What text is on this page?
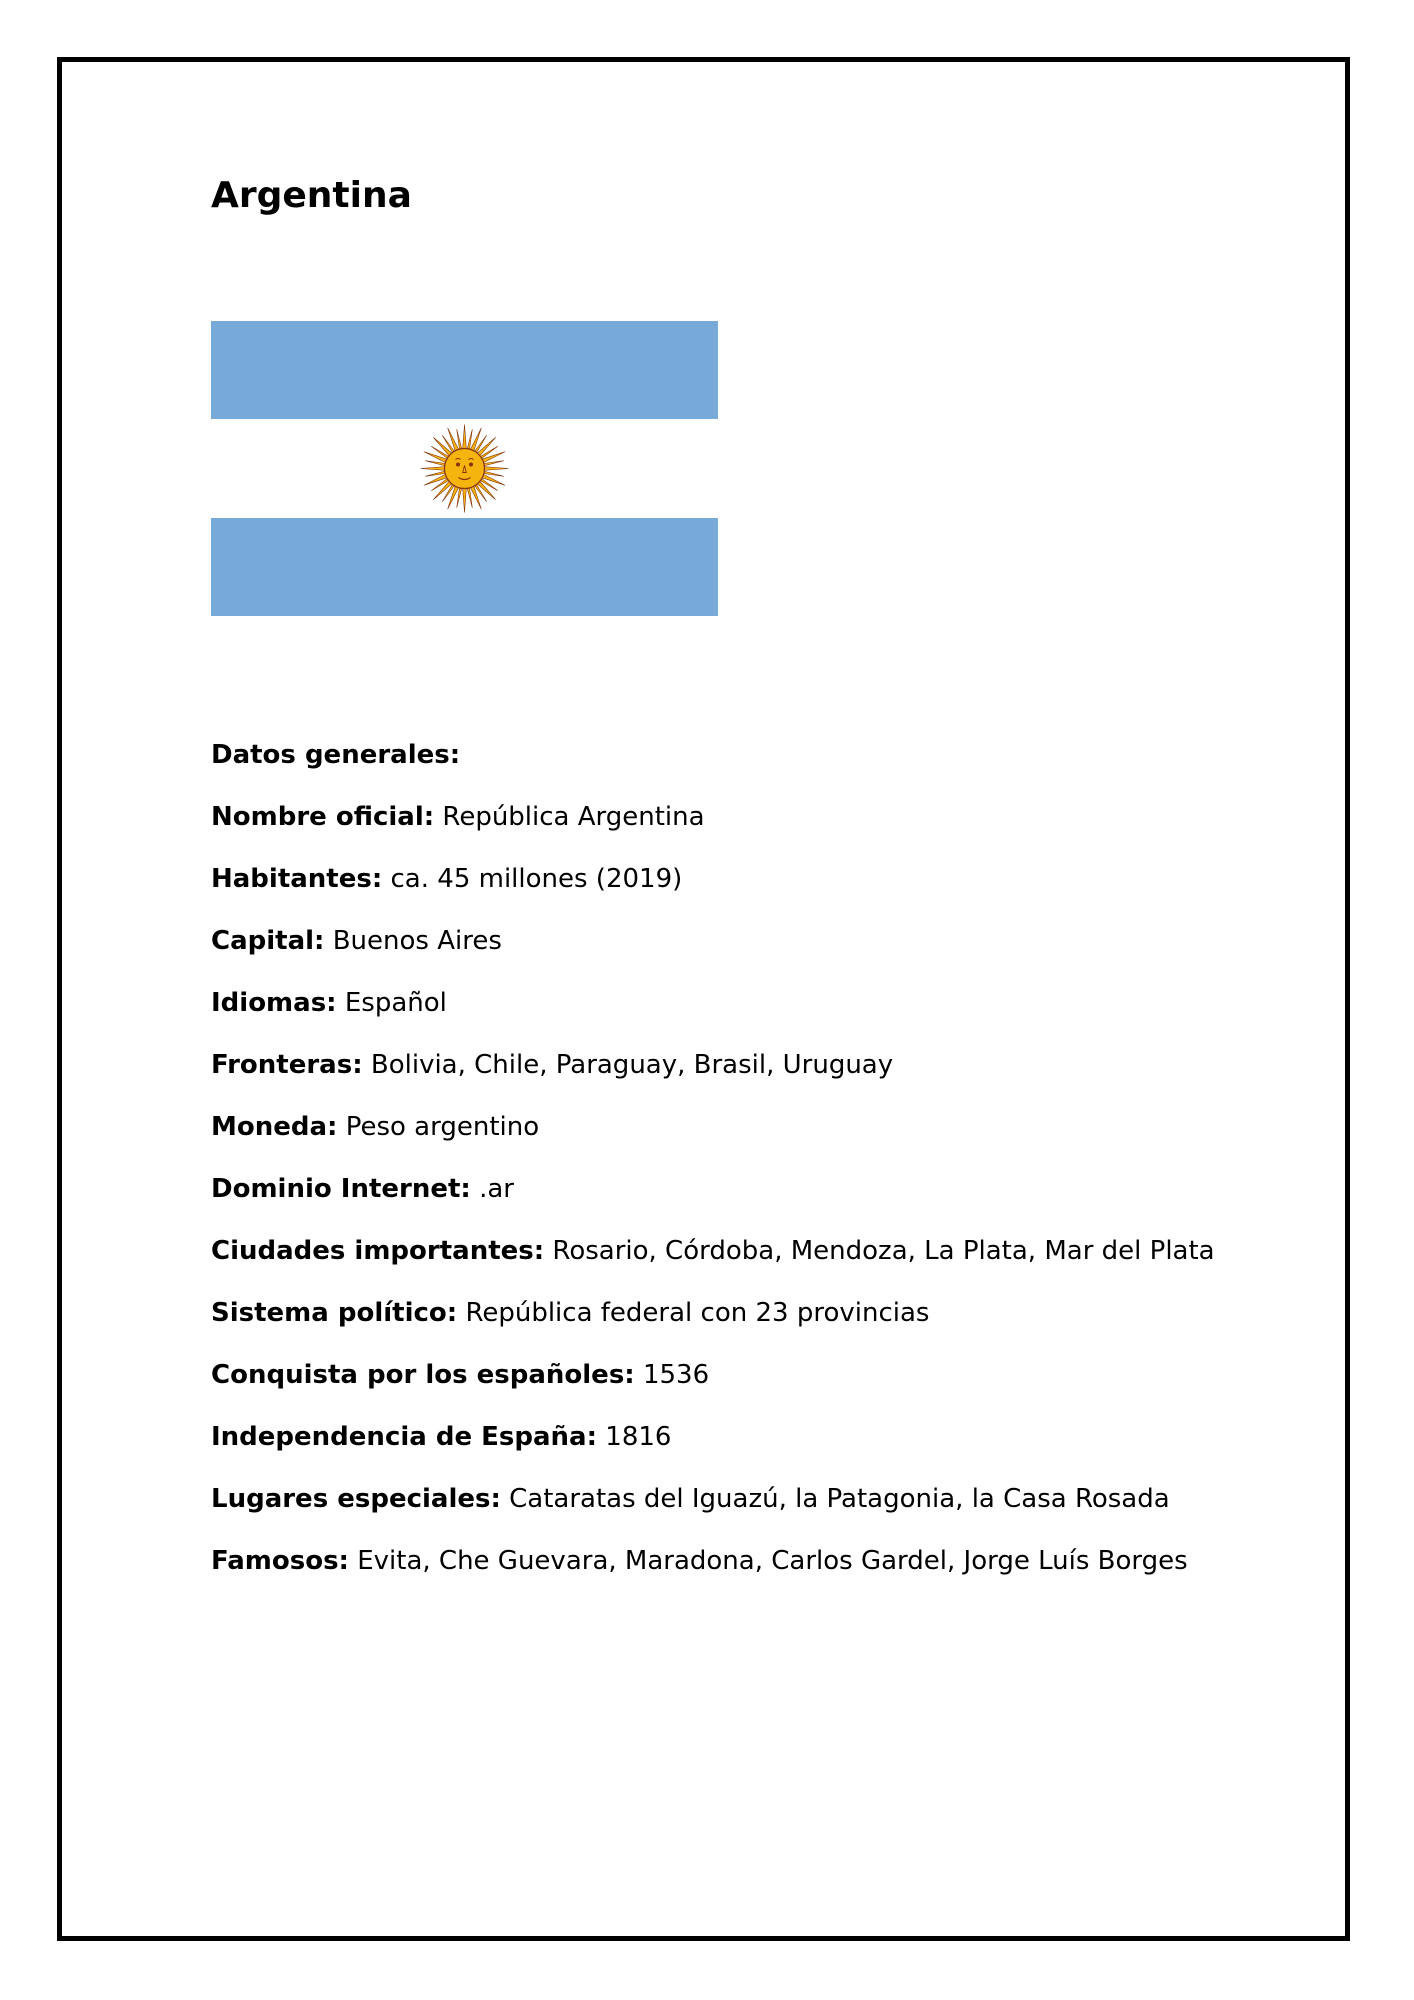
Argentina
Datos generales:
Nombre oficial: República Argentina
Habitantes: ca. 45 millones (2019)
Capital: Buenos Aires
Idiomas: Español
Fronteras: Bolivia, Chile, Paraguay, Brasil, Uruguay
Moneda: Peso argentino
Dominio Internet: .ar
Ciudades importantes: Rosario, Córdoba, Mendoza, La Plata, Mar del Plata
Sistema político: República federal con 23 provincias
Conquista por los españoles: 1536
Independencia de España: 1816
Lugares especiales: Cataratas del Iguazú, la Patagonia, la Casa Rosada
Famosos: Evita, Che Guevara, Maradona, Carlos Gardel, Jorge Luís Borges
